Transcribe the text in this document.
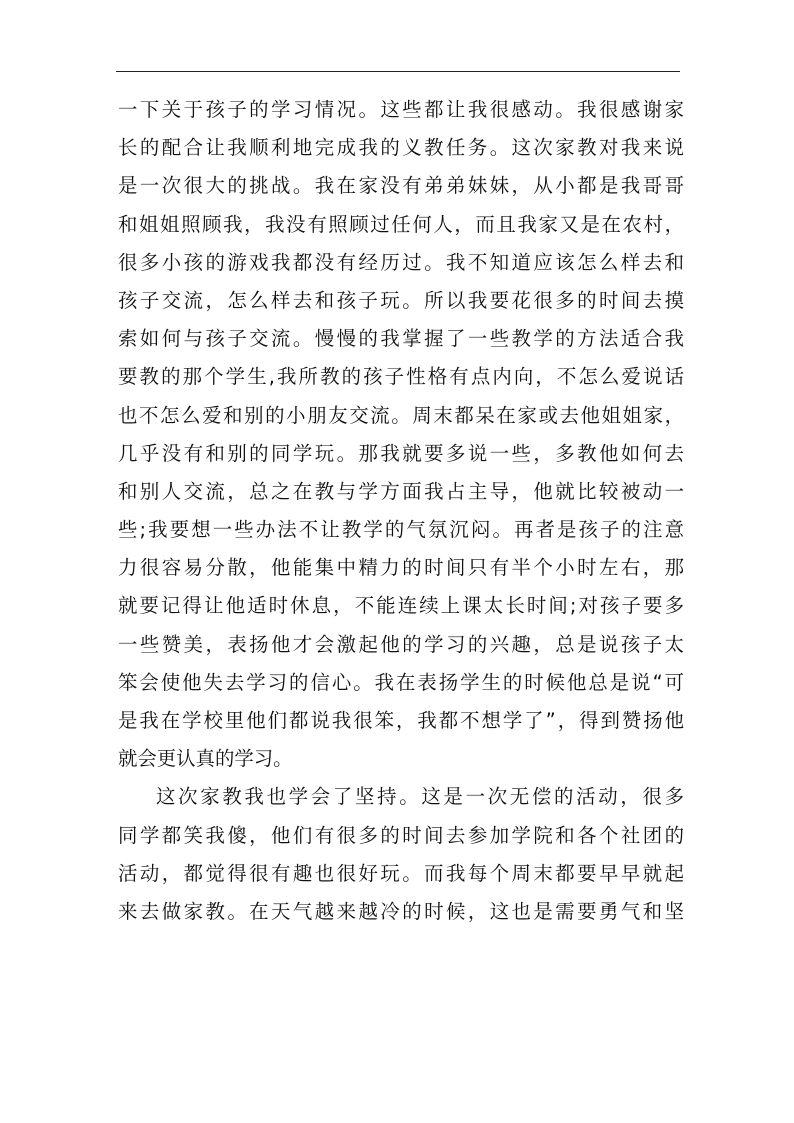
一下关于孩子的学习情况。这些都让我很感动。我很感谢家
长的配合让我顺利地完成我的义教任务。这次家教对我来说
是一次很大的挑战。我在家没有弟弟妹妹，从小都是我哥哥
和姐姐照顾我，我没有照顾过任何人，而且我家又是在农村，
很多小孩的游戏我都没有经历过。我不知道应该怎么样去和
孩子交流，怎么样去和孩子玩。所以我要花很多的时间去摸
索如何与孩子交流。慢慢的我掌握了一些教学的方法适合我
要教的那个学生,我所教的孩子性格有点内向，不怎么爱说话
也不怎么爱和别的小朋友交流。周末都呆在家或去他姐姐家，
几乎没有和别的同学玩。那我就要多说一些，多教他如何去
和别人交流，总之在教与学方面我占主导，他就比较被动一
些;我要想一些办法不让教学的气氛沉闷。再者是孩子的注意
力很容易分散，他能集中精力的时间只有半个小时左右，那
就要记得让他适时休息，不能连续上课太长时间;对孩子要多
一些赞美，表扬他才会激起他的学习的兴趣，总是说孩子太
笨会使他失去学习的信心。我在表扬学生的时候他总是说“可
是我在学校里他们都说我很笨，我都不想学了”，得到赞扬他
就会更认真的学习。
这次家教我也学会了坚持。这是一次无偿的活动，很多
同学都笑我傻，他们有很多的时间去参加学院和各个社团的
活动，都觉得很有趣也很好玩。而我每个周末都要早早就起
来去做家教。在天气越来越冷的时候，这也是需要勇气和坚
